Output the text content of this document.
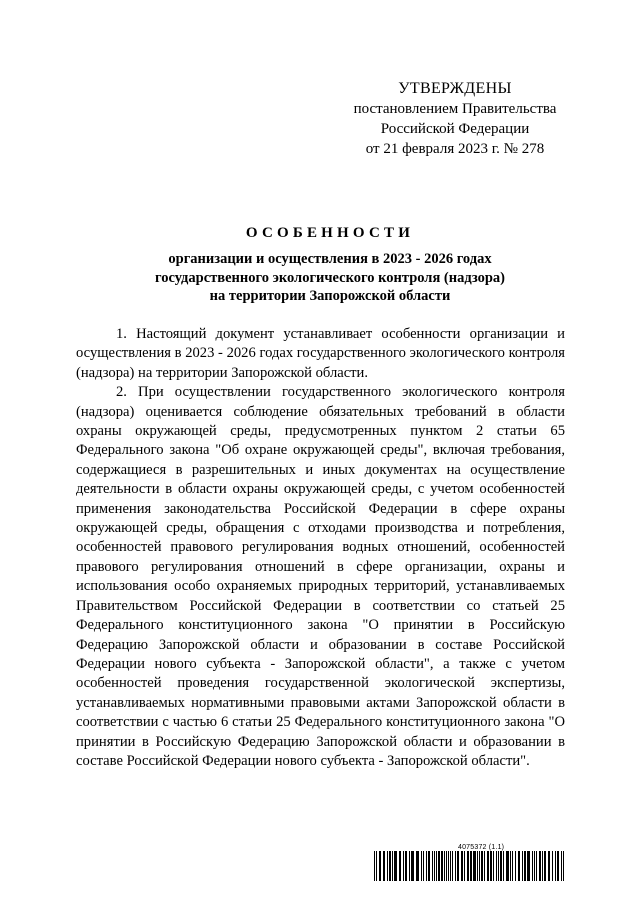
УТВЕРЖДЕНЫ
постановлением Правительства
Российской Федерации
от 21 февраля 2023 г. № 278
ОСОБЕННОСТИ
организации и осуществления в 2023 - 2026 годах
государственного экологического контроля (надзора)
на территории Запорожской области

1. Настоящий документ устанавливает особенности организации и осуществления в 2023 - 2026 годах государственного экологического контроля (надзора) на территории Запорожской области.

2. При осуществлении государственного экологического контроля (надзора) оценивается соблюдение обязательных требований в области охраны окружающей среды, предусмотренных пунктом 2 статьи 65 Федерального закона "Об охране окружающей среды", включая требования, содержащиеся в разрешительных и иных документах на осуществление деятельности в области охраны окружающей среды, с учетом особенностей применения законодательства Российской Федерации в сфере охраны окружающей среды, обращения с отходами производства и потребления, особенностей правового регулирования водных отношений, особенностей правового регулирования отношений в сфере организации, охраны и использования особо охраняемых природных территорий, устанавливаемых Правительством Российской Федерации в соответствии со статьей 25 Федерального конституционного закона "О принятии в Российскую Федерацию Запорожской области и образовании в составе Российской Федерации нового субъекта - Запорожской области", а также с учетом особенностей проведения государственной экологической экспертизы, устанавливаемых нормативными правовыми актами Запорожской области в соответствии с частью 6 статьи 25 Федерального конституционного закона "О принятии в Российскую Федерацию Запорожской области и образовании в составе Российской Федерации нового субъекта - Запорожской области".

4075372 (1.1)
